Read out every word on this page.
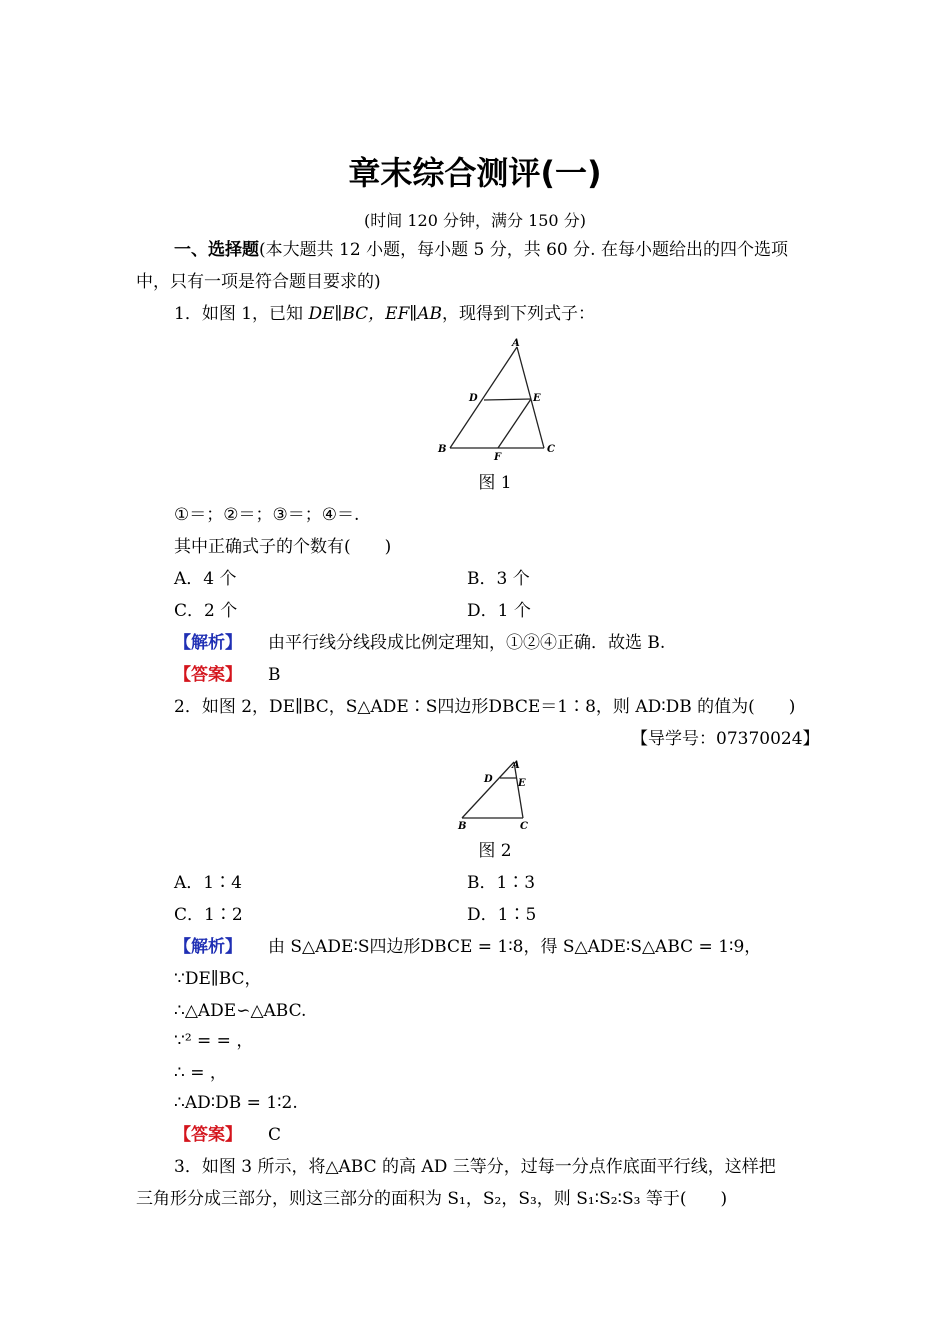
章末综合测评(一)
(时间 120 分钟，满分 150 分)
一、选择题(本大题共 12 小题，每小题 5 分，共 60 分. 在每小题给出的四个选项
中，只有一项是符合题目要求的)
1．如图 1，已知 DE∥BC，EF∥AB，现得到下列式子：
A
D	E
B
F
C
图 1
①＝；②＝；③＝；④＝.
其中正确式子的个数有(　　)
A．4 个	B．3 个
C．2 个	D．1 个
【解析】 由平行线分线段成比例定理知，①②④正确．故选 B.
【答案】 B
2．如图 2，DE∥BC，S△ADE∶S四边形DBCE＝1∶8，则 AD∶DB 的值为(　　)
【导学号：07370024】
A
D	E
B	C
图 2
A．1∶4	B．1∶3
C．1∶2	D．1∶5
【解析】 由 S△ADE∶S四边形DBCE = 1∶8，得 S△ADE∶S△ABC = 1∶9，
∵DE∥BC，
∴△ADE∽△ABC.
∵² = = ，
∴ = ，
∴AD∶DB = 1∶2.
【答案】 C
3．如图 3 所示，将△ABC 的高 AD 三等分，过每一分点作底面平行线，这样把
三角形分成三部分，则这三部分的面积为 S₁，S₂，S₃，则 S₁∶S₂∶S₃ 等于(　　)
